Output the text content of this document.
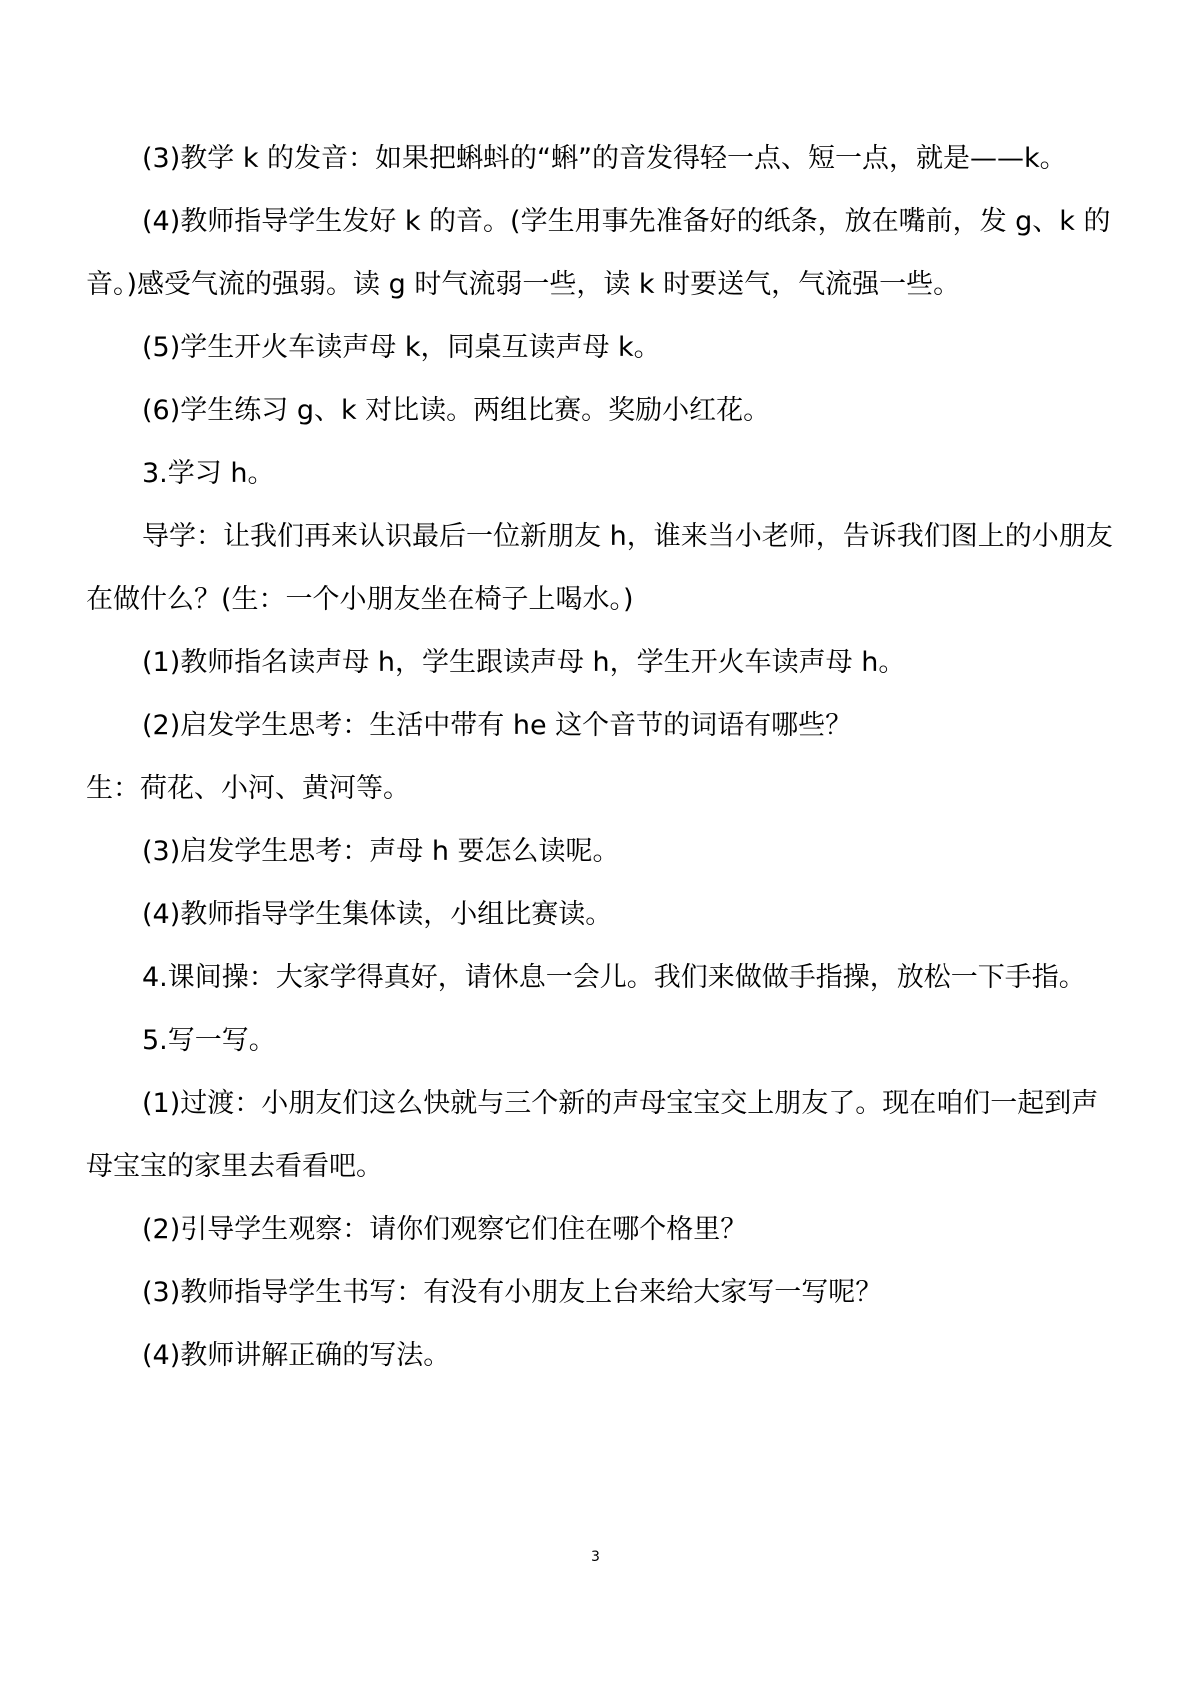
(3)教学 k 的发音：如果把蝌蚪的“蝌”的音发得轻一点、短一点，就是——k。

(4)教师指导学生发好 k 的音。(学生用事先准备好的纸条，放在嘴前，发 g、k 的音。)感受气流的强弱。读 g 时气流弱一些，读 k 时要送气，气流强一些。

(5)学生开火车读声母 k，同桌互读声母 k。

(6)学生练习 g、k 对比读。两组比赛。奖励小红花。

3.学习 h。

导学：让我们再来认识最后一位新朋友 h，谁来当小老师，告诉我们图上的小朋友在做什么？(生：一个小朋友坐在椅子上喝水。)

(1)教师指名读声母 h，学生跟读声母 h，学生开火车读声母 h。

(2)启发学生思考：生活中带有 he 这个音节的词语有哪些？

生：荷花、小河、黄河等。

(3)启发学生思考：声母 h 要怎么读呢。

(4)教师指导学生集体读，小组比赛读。

4.课间操：大家学得真好，请休息一会儿。我们来做做手指操，放松一下手指。

5.写一写。

(1)过渡：小朋友们这么快就与三个新的声母宝宝交上朋友了。现在咱们一起到声母宝宝的家里去看看吧。

(2)引导学生观察：请你们观察它们住在哪个格里？

(3)教师指导学生书写：有没有小朋友上台来给大家写一写呢？

(4)教师讲解正确的写法。

3
